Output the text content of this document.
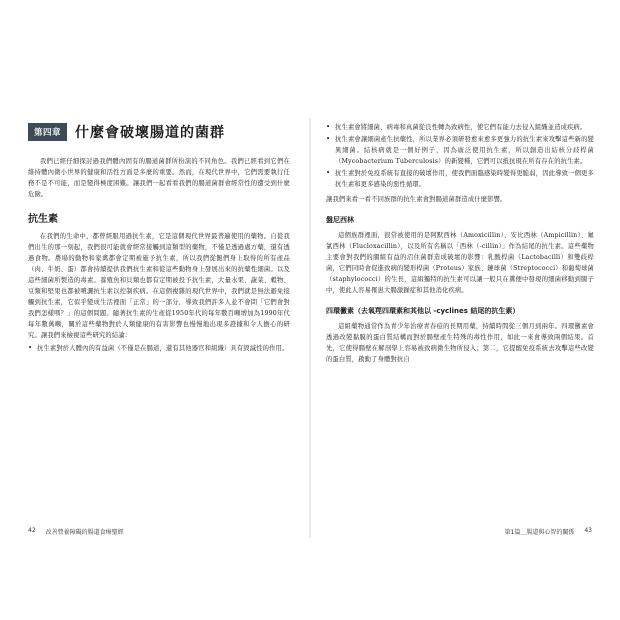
第四章	什麼會破壞腸道的菌群

我們已經仔細探討過我們體內固有的腸道菌群所扮演的不同角色。我們已經看到它們在維持體內微小世界的健康和活性方面是多麼的重要。然而，在現代世界中，它們需要執行任務不是不可能，而是變得極度困難。讓我們一起看看我們的腸道菌群會經常性的遭受到什麼危險。

抗生素

在我們的生命中，都曾經服用過抗生素，它是這個現代世界最普遍使用的藥物。自從我們出生的那一刻起，我們很可能就會經常接觸到這類型的藥物，不僅是透過處方藥，還有透過食物。農場的動物和家禽都會定期被施予抗生素，所以我們從飽們身上取得的所有產品（肉、牛奶、蛋）都會持續提供我們抗生素和從這些動物身上發展出來的抗藥性細菌。以及這些細菌所製造的毒素。養殖魚和貝類也都有定期被投予抗生素，大量水果、蔬菜、穀物、豆類和堅果也都被噴灑抗生素以控制疾病。在這個複雜的現代世界中，我們就是無法避免接觸到抗生素，它似乎變成生活裡面「正常」的一部分，導致我們許多人並不會問「它們會對我們怎樣嗎？」的這個問題。隨著抗生素的生產從1950年代的每年數百噸增加為1990年代每年數萬噸，關於這些藥物對於人類健康的有害影響也慢慢地出現多證據和令人擔心的研究。讓我們來檢視這些研究的結論：

• 抗生素對於人體內的有益菌（不僅是在腸道，還有其他器官和組織）具有毀滅性的作用。
42 改善營養障礙的腸道食療聖經
• 抗生素會將細菌、病毒和真菌從良性轉為致病性，使它們有能力去侵入組織並造成疾病。
• 抗生素會讓細菌產生抗藥性，所以業界必須研發愈來愈多更強力的抗生素來攻擊這些新的變異細菌。結核病就是一個好例子，因為廣泛使用抗生素，所以創造出結核分歧桿菌（Mycobacterium Tuberculosis）的新變種，它們可以抵抗現在所有存在的抗生素。
• 抗生素對於免疫系統有直接的破壞作用，使我們面臨感染時變得更脆弱，因此導致一個更多抗生素和更多感染的惡性循環。

讓我們來看一看不同族群的抗生素會對腸道菌群造成什麼影響。

盤尼西林

這個族群裡面，很常被使用的是阿默西林（Amoxicillin）、安比西林（Ampicillin）、氟氯西林（Flucloxacillin），以及所有名稱以「西林（-cillin）」作為結尾的抗生素。這些藥物主要會對我們的腸組有益的沼住菌群造成破壞的影響：乳酸桿菌（Lactobacilli）和雙歧桿菌，它們同時會促進致病的變形桿菌（Proteus）家族、鏈球菌（Streptococci）和葡萄球菌（staphylococci）的生長，這組獨特的抗生素可以讓一般只在糞便中發現的細菌移動到腸子中，使此人容易罹患大腸激躁症和其他消化疾病。

四環黴素（去氧羥四環素和其他以 -cyclines 結尾的抗生素）

這組藥物通常作為青少年治療青春痘的長期用藥，持續時間從三個月到兩年。四環黴素會透過改變黏膜的蛋白質結構而對於腸壁產生特殊的毒性作用，如此一來會導致兩個結果。首先，它使得腸壁在解剖學上容易被致病微生物所侵入；第二，它提醒免疫系統去攻擊這些改變的蛋白質，啟動了身體對抗自

第1篇＿腸道與心智的關係 43
